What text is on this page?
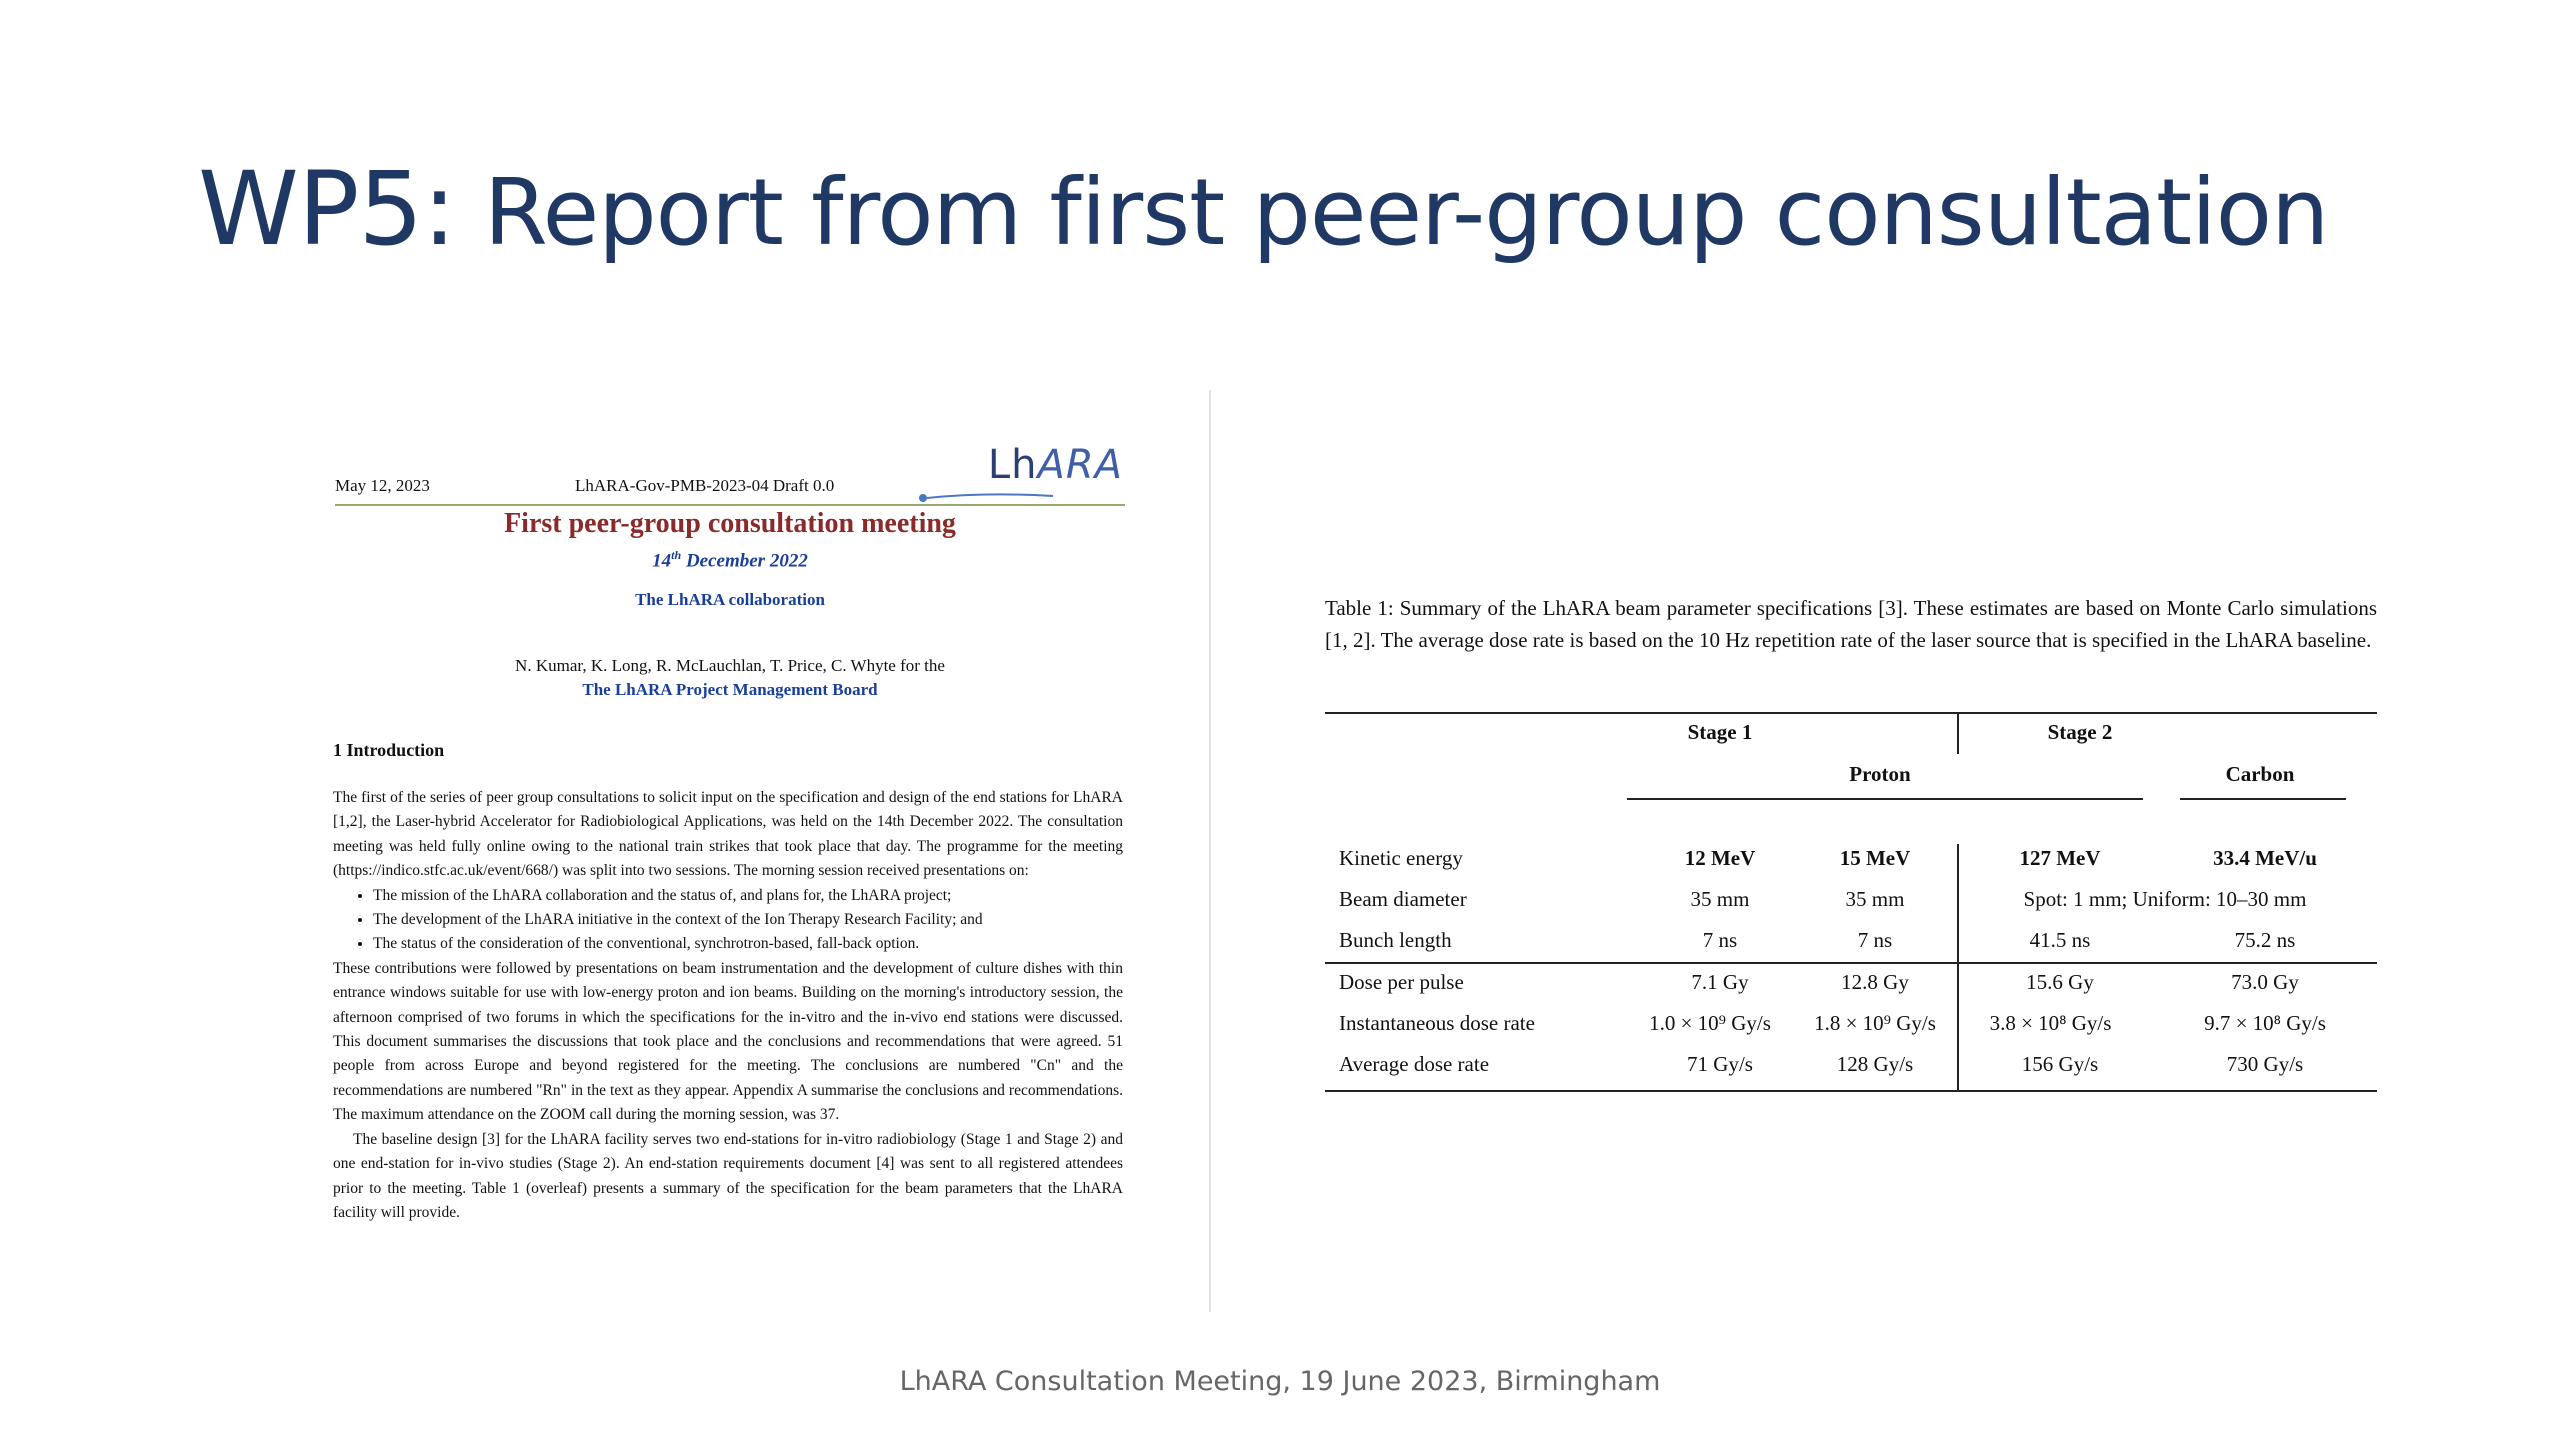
WP5: Report from first peer-group consultation
May 12, 2023	LhARA-Gov-PMB-2023-04 Draft 0.0	LhARA
First peer-group consultation meeting
14th December 2022
The LhARA collaboration
N. Kumar, K. Long, R. McLauchlan, T. Price, C. Whyte for the
The LhARA Project Management Board
1 Introduction

The first of the series of peer group consultations to solicit input on the specification and design of the end stations for LhARA [1,2], the Laser-hybrid Accelerator for Radiobiological Applications, was held on the 14th December 2022. The consultation meeting was held fully online owing to the national train strikes that took place that day. The programme for the meeting (https://indico.stfc.ac.uk/event/668/) was split into two sessions. The morning session received presentations on:

• The mission of the LhARA collaboration and the status of, and plans for, the LhARA project;
• The development of the LhARA initiative in the context of the Ion Therapy Research Facility; and
• The status of the consideration of the conventional, synchrotron-based, fall-back option.

These contributions were followed by presentations on beam instrumentation and the development of culture dishes with thin entrance windows suitable for use with low-energy proton and ion beams. Building on the morning's introductory session, the afternoon comprised of two forums in which the specifications for the in-vitro and the in-vivo end stations were discussed. This document summarises the discussions that took place and the conclusions and recommendations that were agreed. 51 people from across Europe and beyond registered for the meeting. The conclusions are numbered "Cn" and the recommendations are numbered "Rn" in the text as they appear. Appendix A summarise the conclusions and recommendations. The maximum attendance on the ZOOM call during the morning session, was 37.

The baseline design [3] for the LhARA facility serves two end-stations for in-vitro radiobiology (Stage 1 and Stage 2) and one end-station for in-vivo studies (Stage 2). An end-station requirements document [4] was sent to all registered attendees prior to the meeting. Table 1 (overleaf) presents a summary of the specification for the beam parameters that the LhARA facility will provide.

Table 1: Summary of the LhARA beam parameter specifications [3]. These estimates are based on Monte Carlo simulations [1, 2]. The average dose rate is based on the 10 Hz repetition rate of the laser source that is specified in the LhARA baseline.
Stage 1	Stage 2
Proton	Carbon
Kinetic energy	12 MeV	15 MeV	127 MeV	33.4 MeV/u
Beam diameter	35 mm	35 mm	Spot: 1 mm; Uniform: 10–30 mm
Bunch length	7 ns	7 ns	41.5 ns	75.2 ns
Dose per pulse	7.1 Gy	12.8 Gy	15.6 Gy	73.0 Gy
Instantaneous dose rate	1.0 × 10⁹ Gy/s	1.8 × 10⁹ Gy/s	3.8 × 10⁸ Gy/s	9.7 × 10⁸ Gy/s
Average dose rate	71 Gy/s	128 Gy/s	156 Gy/s	730 Gy/s
LhARA Consultation Meeting, 19 June 2023, Birmingham
